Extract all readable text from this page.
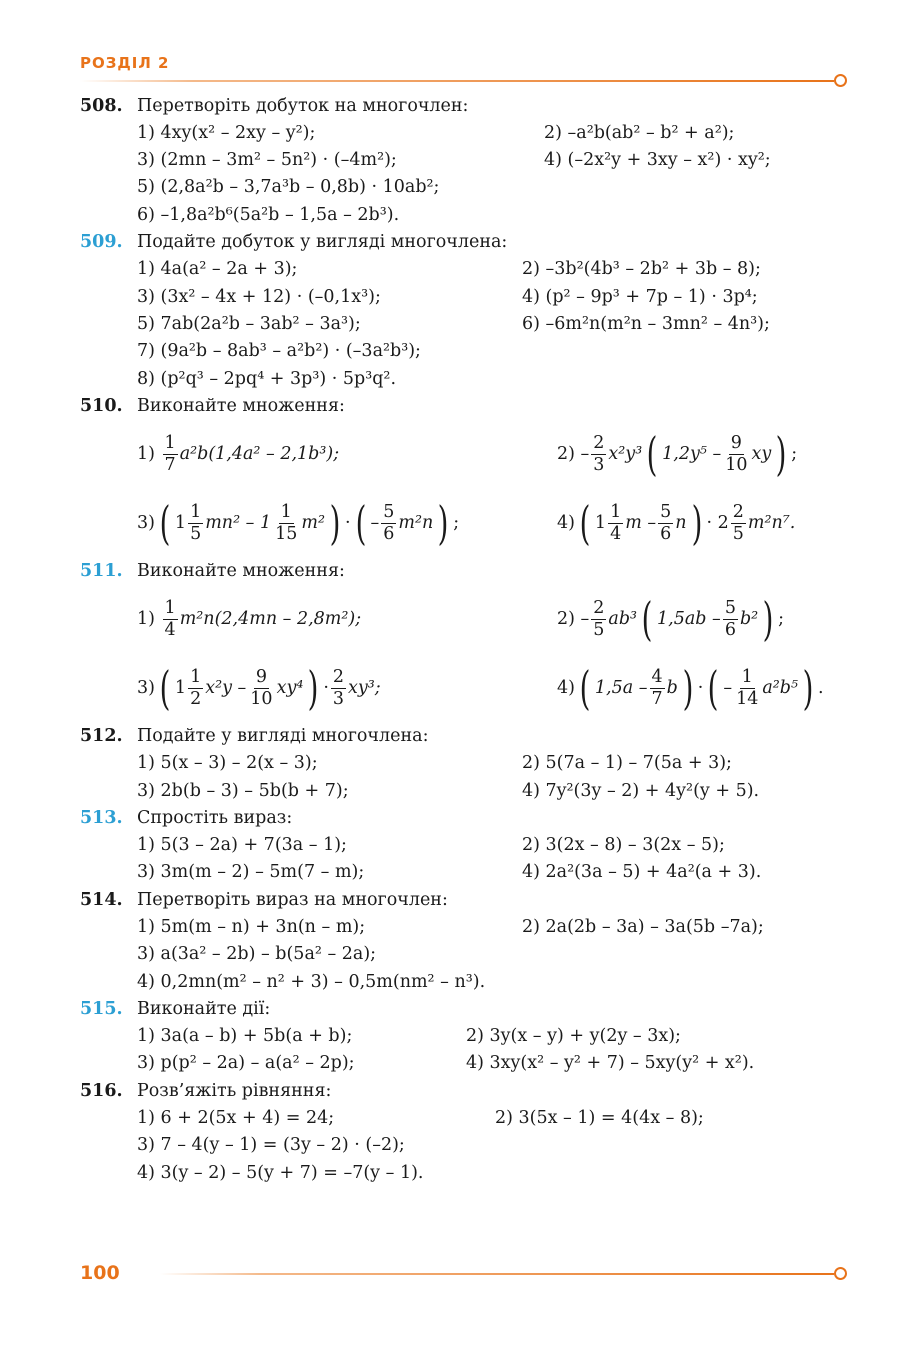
РОЗДІЛ 2
508. Перетворіть добуток на многочлен:
1) 4xy(x² – 2xy – y²);	2) –a²b(ab² – b² + a²);
3) (2mn – 3m² – 5n²) · (–4m²);	4) (–2x²y + 3xy – x²) · xy²;
5) (2,8a²b – 3,7a³b – 0,8b) · 10ab²;
6) –1,8a²b⁶(5a²b – 1,5a – 2b³).
509. Подайте добуток у вигляді многочлена:
1) 4a(a² – 2a + 3);	2) –3b²(4b³ – 2b² + 3b – 8);
3) (3x² – 4x + 12) · (–0,1x³);	4) (p² – 9p³ + 7p – 1) · 3p⁴;
5) 7ab(2a²b – 3ab² – 3a³);	6) –6m²n(m²n – 3mn² – 4n³);
7) (9a²b – 8ab³ – a²b²) · (–3a²b³);
8) (p²q³ – 2pq⁴ + 3p³) · 5p³q².
510. Виконайте множення:
1)
$\frac{1}{7} a^2b(1,4a^2 - 2,1b^3)$;	$2) - \frac{2}{3} x^2y^3$ ( $1,2y^5 - \frac{9}{10}$ xy ) ;
3) ( $1 \frac{1}{5} mn^2 - 1 \frac{1}{15} m^2$ ) · ( – $\frac{5}{6} m^2n$ ) ;	4) ( $1 \frac{1}{4}$ m – $\frac{5}{6}$ n ) · $2 \frac{2}{5} m^2n^7$.
511. Виконайте множення:
1)
$\frac{1}{4} m^2n(2,4mn - 2,8m^2)$;	$2) - \frac{2}{5} ab^3$ ( $1,5ab - \frac{5}{6} b^2$ ) ;
3) ( $1 \frac{1}{2} x^2y - \frac{9}{10} xy^4$ ) · $\frac{2}{3} xy^3$;	4) ( $1,5a - \frac{4}{7}$ b ) · ( – $\frac{1}{14} a^2b^5$ ) .
512. Подайте у вигляді многочлена:
1) 5(x – 3) – 2(x – 3);	2) 5(7a – 1) – 7(5a + 3);
3) 2b(b – 3) – 5b(b + 7);	4) 7y²(3y – 2) + 4y²(y + 5).
513. Спростіть вираз:
1) 5(3 – 2a) + 7(3a – 1);	2) 3(2x – 8) – 3(2x – 5);
3) 3m(m – 2) – 5m(7 – m);	4) 2a²(3a – 5) + 4a²(a + 3).
514. Перетворіть вираз на многочлен:
1) 5m(m – n) + 3n(n – m);	2) 2a(2b – 3a) – 3a(5b –7a);
3) a(3a² – 2b) – b(5a² – 2a);
4) 0,2mn(m² – n² + 3) – 0,5m(nm² – n³).
515. Виконайте дії:
1) 3a(a – b) + 5b(a + b);	2) 3y(x – y) + y(2y – 3x);
3) p(p² – 2a) – a(a² – 2p);	4) 3xy(x² – y² + 7) – 5xy(y² + x²).
516. Розв’яжіть рівняння:
1) 6 + 2(5x + 4) = 24;	2) 3(5x – 1) = 4(4x – 8);
3) 7 – 4(y – 1) = (3y – 2) · (–2);
4) 3(y – 2) – 5(y + 7) = –7(y – 1).
100
